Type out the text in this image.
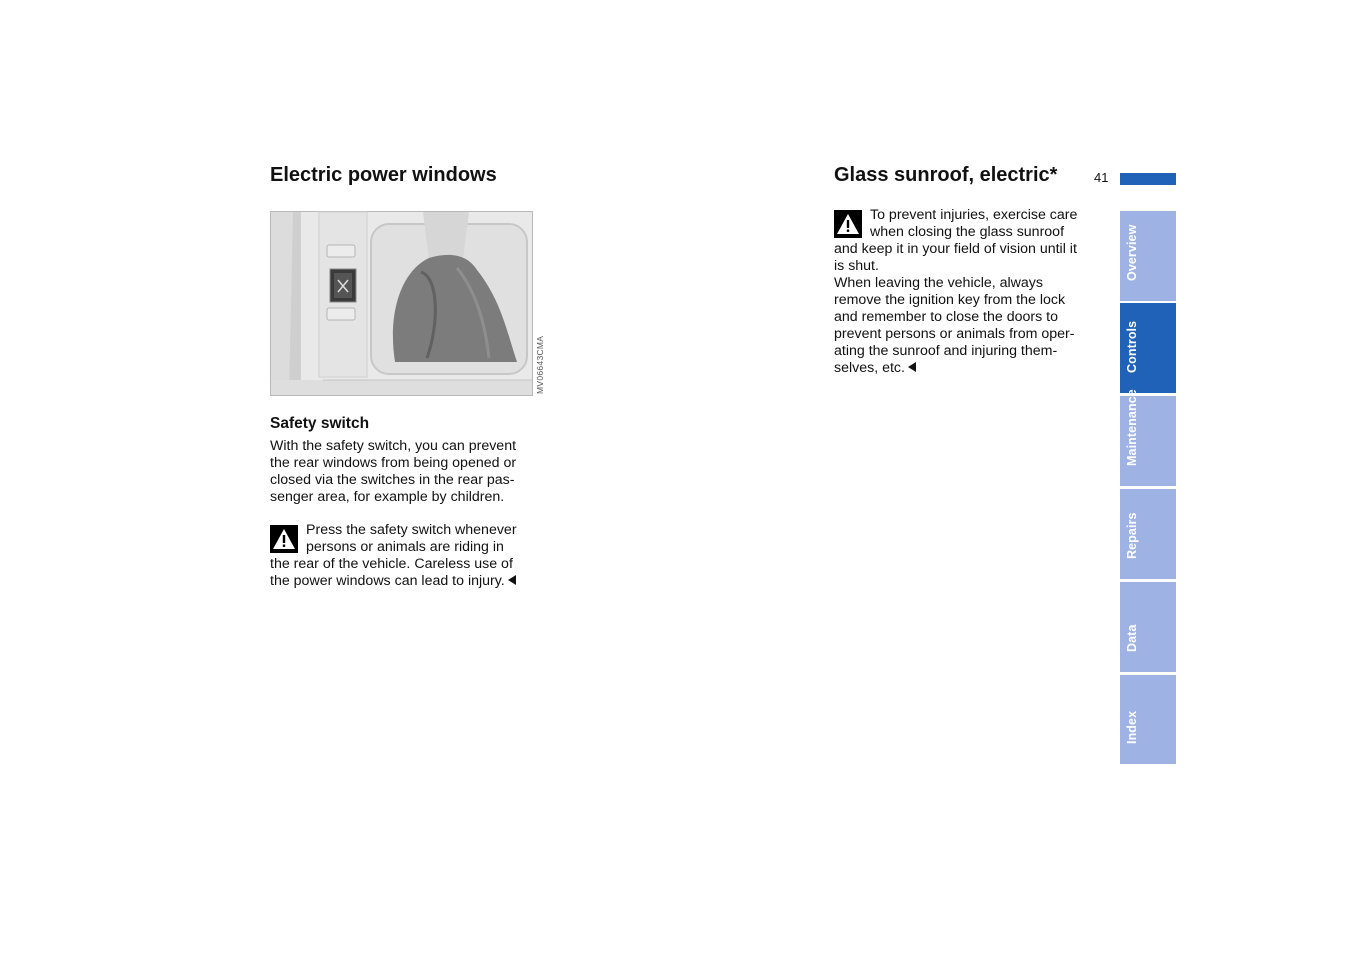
Electric power windows
MV06643CMA
Safety switch
With the safety switch, you can prevent
the rear windows from being opened or
closed via the switches in the rear pas-
senger area, for example by children.
Press the safety switch whenever
persons or animals are riding in
the rear of the vehicle. Careless use of
the power windows can lead to injury.
Glass sunroof, electric*
To prevent injuries, exercise care
when closing the glass sunroof
and keep it in your field of vision until it
is shut.
When leaving the vehicle, always
remove the ignition key from the lock
and remember to close the doors to
prevent persons or animals from oper-
ating the sunroof and injuring them-
selves, etc.
41
Overview
Controls
Maintenance
Repairs
Data
Index
